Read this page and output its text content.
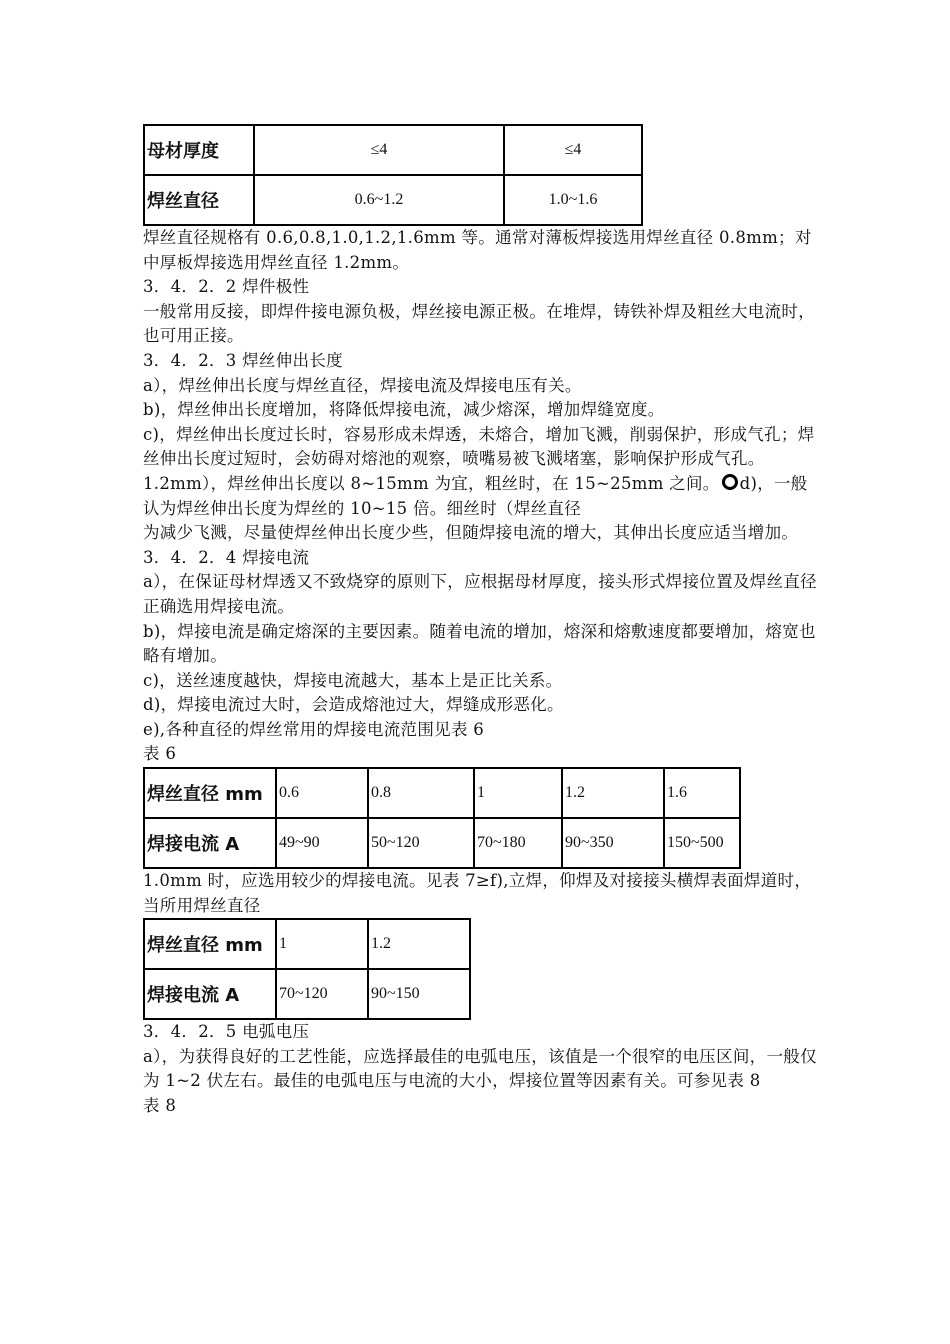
母材厚度	≤4	≤4
焊丝直径	0.6~1.2	1.0~1.6

焊丝直径规格有 0.6,0.8,1.0,1.2,1.6mm 等。通常对薄板焊接选用焊丝直径 0.8mm；对中厚板焊接选用焊丝直径 1.2mm。

3．4．2．2 焊件极性

一般常用反接，即焊件接电源负极，焊丝接电源正极。在堆焊，铸铁补焊及粗丝大电流时，也可用正接。

3．4．2．3 焊丝伸出长度

a），焊丝伸出长度与焊丝直径，焊接电流及焊接电压有关。

b)，焊丝伸出长度增加，将降低焊接电流，减少熔深，增加焊缝宽度。

c)，焊丝伸出长度过长时，容易形成未焊透，未熔合，增加飞溅，削弱保护，形成气孔；焊丝伸出长度过短时，会妨碍对熔池的观察，喷嘴易被飞溅堵塞，影响保护形成气孔。

1.2mm），焊丝伸出长度以 8~15mm 为宜，粗丝时，在 15~25mm 之间。 d)，一般认为焊丝伸出长度为焊丝的 10~15 倍。细丝时（焊丝直径

为减少飞溅，尽量使焊丝伸出长度少些，但随焊接电流的增大，其伸出长度应适当增加。

3．4．2．4 焊接电流

a），在保证母材焊透又不致烧穿的原则下，应根据母材厚度，接头形式焊接位置及焊丝直径正确选用焊接电流。

b)，焊接电流是确定熔深的主要因素。随着电流的增加，熔深和熔敷速度都要增加，熔宽也略有增加。

c)，送丝速度越快，焊接电流越大，基本上是正比关系。

d)，焊接电流过大时，会造成熔池过大，焊缝成形恶化。

e),各种直径的焊丝常用的焊接电流范围见表 6

表 6

焊丝直径 mm	0.6	0.8	1	1.2	1.6
焊接电流 A	49~90	50~120	70~180	90~350	150~500

1.0mm 时，应选用较少的焊接电流。见表 7≥f),立焊，仰焊及对接接头横焊表面焊道时，当所用焊丝直径

焊丝直径 mm	1	1.2
焊接电流 A	70~120	90~150

3．4．2．5 电弧电压

a），为获得良好的工艺性能，应选择最佳的电弧电压，该值是一个很窄的电压区间，一般仅为 1~2 伏左右。最佳的电弧电压与电流的大小，焊接位置等因素有关。可参见表 8

表 8
